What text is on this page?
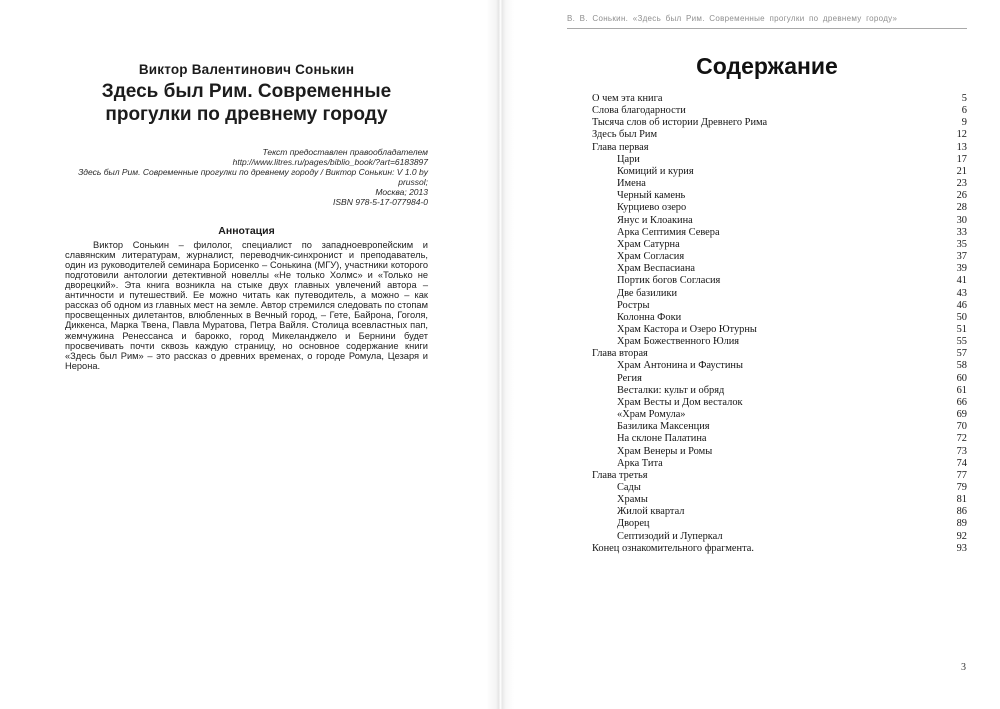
Виктор Валентинович Сонькин
Здесь был Рим. Современные
прогулки по древнему городу
Текст предоставлен правообладателем
http://www.litres.ru/pages/biblio_book/?art=6183897
Здесь был Рим. Современные прогулки по древнему городу / Виктор Сонькин: V 1.0 by prussol;
Москва; 2013
ISBN 978-5-17-077984-0
Аннотация
Виктор Сонькин – филолог, специалист по западноевропейским и славянским литературам, журналист, переводчик-синхронист и преподаватель, один из руководителей семинара Борисенко – Сонькина (МГУ), участники которого подготовили антологии детективной новеллы «Не только Холмс» и «Только не дворецкий». Эта книга возникла на стыке двух главных увлечений автора – античности и путешествий. Ее можно читать как путеводитель, а можно – как рассказ об одном из главных мест на земле. Автор стремился следовать по стопам просвещенных дилетантов, влюбленных в Вечный город, – Гете, Байрона, Гоголя, Диккенса, Марка Твена, Павла Муратова, Петра Вайля. Столица всевластных пап, жемчужина Ренессанса и барокко, город Микеланджело и Бернини будет просвечивать почти сквозь каждую страницу, но основное содержание книги «Здесь был Рим» – это рассказ о древних временах, о городе Ромула, Цезаря и Нерона.
В. В. Сонькин. «Здесь был Рим. Современные прогулки по древнему городу»
Содержание
О чем эта книга	5
Слова благодарности	6
Тысяча слов об истории Древнего Рима	9
Здесь был Рим	12
Глава первая	13
Цари	17
Комиций и курия	21
Имена	23
Черный камень	26
Курциево озеро	28
Янус и Клоакина	30
Арка Септимия Севера	33
Храм Сатурна	35
Храм Согласия	37
Храм Веспасиана	39
Портик богов Согласия	41
Две базилики	43
Ростры	46
Колонна Фоки	50
Храм Кастора и Озеро Ютурны	51
Храм Божественного Юлия	55
Глава вторая	57
Храм Антонина и Фаустины	58
Регия	60
Весталки: культ и обряд	61
Храм Весты и Дом весталок	66
«Храм Ромула»	69
Базилика Максенция	70
На склоне Палатина	72
Храм Венеры и Ромы	73
Арка Тита	74
Глава третья	77
Сады	79
Храмы	81
Жилой квартал	86
Дворец	89
Септизодий и Луперкал	92
Конец ознакомительного фрагмента.	93
3
